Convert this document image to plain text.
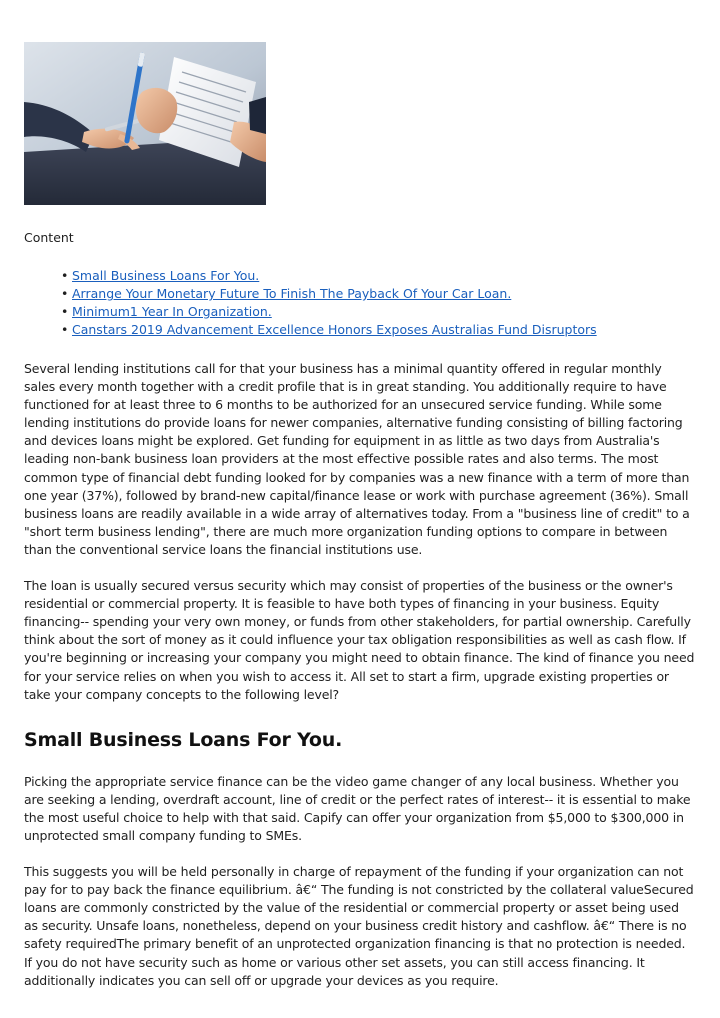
Content

• Small Business Loans For You.
• Arrange Your Monetary Future To Finish The Payback Of Your Car Loan.
• Minimum1 Year In Organization.
• Canstars 2019 Advancement Excellence Honors Exposes Australias Fund Disruptors

Several lending institutions call for that your business has a minimal quantity offered in regular monthly sales every month together with a credit profile that is in great standing. You additionally require to have functioned for at least three to 6 months to be authorized for an unsecured service funding. While some lending institutions do provide loans for newer companies, alternative funding consisting of billing factoring and devices loans might be explored. Get funding for equipment in as little as two days from Australia's leading non-bank business loan providers at the most effective possible rates and also terms. The most common type of financial debt funding looked for by companies was a new finance with a term of more than one year (37%), followed by brand-new capital/finance lease or work with purchase agreement (36%). Small business loans are readily available in a wide array of alternatives today. From a "business line of credit" to a "short term business lending", there are much more organization funding options to compare in between than the conventional service loans the financial institutions use.

The loan is usually secured versus security which may consist of properties of the business or the owner's residential or commercial property. It is feasible to have both types of financing in your business. Equity financing-- spending your very own money, or funds from other stakeholders, for partial ownership. Carefully think about the sort of money as it could influence your tax obligation responsibilities as well as cash flow. If you're beginning or increasing your company you might need to obtain finance. The kind of finance you need for your service relies on when you wish to access it. All set to start a firm, upgrade existing properties or take your company concepts to the following level?

Small Business Loans For You.

Picking the appropriate service finance can be the video game changer of any local business. Whether you are seeking a lending, overdraft account, line of credit or the perfect rates of interest-- it is essential to make the most useful choice to help with that said. Capify can offer your organization from $5,000 to $300,000 in unprotected small company funding to SMEs.

This suggests you will be held personally in charge of repayment of the funding if your organization can not pay for to pay back the finance equilibrium. â€“ The funding is not constricted by the collateral valueSecured loans are commonly constricted by the value of the residential or commercial property or asset being used as security. Unsafe loans, nonetheless, depend on your business credit history and cashflow. â€“ There is no safety requiredThe primary benefit of an unprotected organization financing is that no protection is needed. If you do not have security such as home or various other set assets, you can still access financing. It additionally indicates you can sell off or upgrade your devices as you require.
